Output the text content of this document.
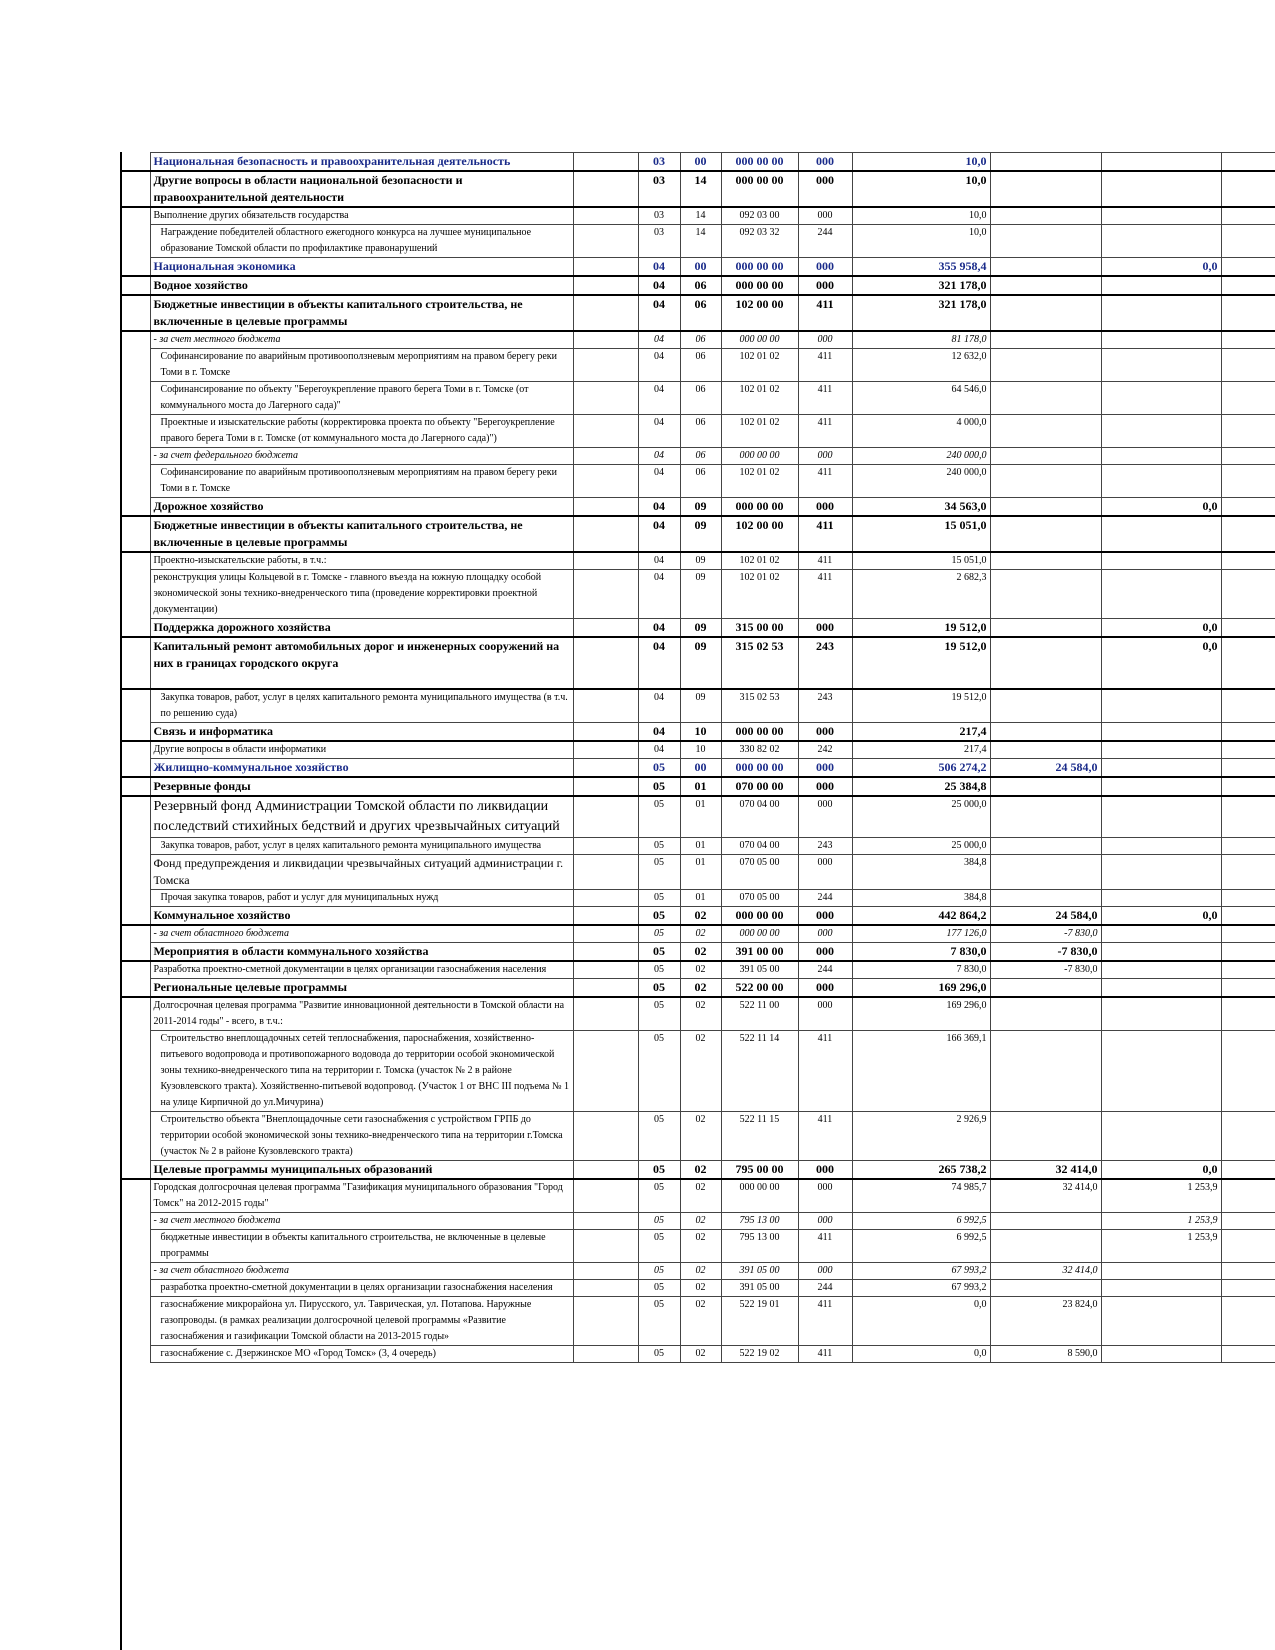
	Национальная безопасность и правоохранительная деятельность		03	00	000 00 00	000	10,0			
	Другие вопросы в области национальной безопасности и правоохранительной деятельности		03	14	000 00 00	000	10,0			
	Выполнение других обязательств государства		03	14	092 03 00	000	10,0			
	Награждение победителей областного ежегодного конкурса на лучшее муниципальное образование Томской области по профилактике правонарушений		03	14	092 03 32	244	10,0			
	Национальная экономика		04	00	000 00 00	000	355 958,4		0,0	
	Водное хозяйство		04	06	000 00 00	000	321 178,0			
	Бюджетные инвестиции в объекты капитального строительства, не включенные в целевые программы		04	06	102 00 00	411	321 178,0			
	- за счет местного бюджета		04	06	000 00 00	000	81 178,0			
	Софинансирование по аварийным противооползневым мероприятиям на правом берегу реки Томи в г. Томске		04	06	102 01 02	411	12 632,0			
	Софинансирование по объекту "Берегоукрепление правого берега Томи в г. Томске (от коммунального моста до Лагерного сада)"		04	06	102 01 02	411	64 546,0			
	Проектные и изыскательские работы (корректировка проекта по объекту "Берегоукрепление правого берега Томи в г. Томске (от коммунального моста до Лагерного сада)")		04	06	102 01 02	411	4 000,0			
	- за счет федерального бюджета		04	06	000 00 00	000	240 000,0			
	Софинансирование по аварийным противооползневым мероприятиям на правом берегу реки Томи в г. Томске		04	06	102 01 02	411	240 000,0			
	Дорожное хозяйство		04	09	000 00 00	000	34 563,0		0,0	
	Бюджетные инвестиции в объекты капитального строительства, не включенные в целевые программы		04	09	102 00 00	411	15 051,0			
	Проектно-изыскательские работы, в т.ч.:		04	09	102 01 02	411	15 051,0			
	реконструкция улицы Кольцевой в г. Томске - главного въезда на южную площадку особой экономической зоны технико-внедренческого типа (проведение корректировки проектной документации)		04	09	102 01 02	411	2 682,3			
	Поддержка дорожного хозяйства		04	09	315 00 00	000	19 512,0		0,0	
	Капитальный ремонт автомобильных дорог и инженерных сооружений на них в границах городского округа		04	09	315 02 53	243	19 512,0		0,0	
	Закупка товаров, работ, услуг в целях капитального ремонта муниципального имущества (в т.ч. по решению суда)		04	09	315 02 53	243	19 512,0			
	Связь и информатика		04	10	000 00 00	000	217,4			
	Другие вопросы в области информатики		04	10	330 82 02	242	217,4			
	Жилищно-коммунальное хозяйство		05	00	000 00 00	000	506 274,2	24 584,0		
	Резервные фонды		05	01	070 00 00	000	25 384,8			
	Резервный фонд Администрации Томской области по ликвидации последствий стихийных бедствий и других чрезвычайных ситуаций		05	01	070 04 00	000	25 000,0			
	Закупка товаров, работ, услуг в целях капитального ремонта муниципального имущества		05	01	070 04 00	243	25 000,0			
	Фонд предупреждения и ликвидации чрезвычайных ситуаций администрации г. Томска		05	01	070 05 00	000	384,8			
	Прочая закупка товаров, работ и услуг для муниципальных нужд		05	01	070 05 00	244	384,8			
	Коммунальное хозяйство		05	02	000 00 00	000	442 864,2	24 584,0	0,0	
	- за счет областного бюджета		05	02	000 00 00	000	177 126,0	-7 830,0		
	Мероприятия в области коммунального хозяйства		05	02	391 00 00	000	7 830,0	-7 830,0		
	Разработка проектно-сметной документации в целях организации газоснабжения населения		05	02	391 05 00	244	7 830,0	-7 830,0		
	Региональные целевые программы		05	02	522 00 00	000	169 296,0			
	Долгосрочная целевая программа "Развитие инновационной деятельности в Томской области на 2011-2014 годы" - всего, в т.ч.:		05	02	522 11 00	000	169 296,0			
	Строительство внеплощадочных сетей теплоснабжения, пароснабжения, хозяйственно-питьевого водопровода и противопожарного водовода до территории особой экономической зоны технико-внедренческого типа на территории г. Томска (участок № 2 в районе Кузовлевского тракта). Хозяйственно-питьевой водопровод. (Участок 1 от ВНС III подъема № 1 на улице Кирпичной до ул.Мичурина)		05	02	522 11 14	411	166 369,1			
	Строительство объекта "Внеплощадочные сети газоснабжения с устройством ГРПБ до территории особой экономической зоны технико-внедренческого типа на территории г.Томска (участок № 2 в районе Кузовлевского тракта)		05	02	522 11 15	411	2 926,9			
	Целевые программы муниципальных образований		05	02	795 00 00	000	265 738,2	32 414,0	0,0	
	Городская долгосрочная целевая программа "Газификация муниципального образования "Город Томск" на 2012-2015 годы"		05	02	000 00 00	000	74 985,7	32 414,0	1 253,9	
	- за счет местного бюджета		05	02	795 13 00	000	6 992,5		1 253,9	
	бюджетные инвестиции в объекты капитального строительства, не включенные в целевые программы		05	02	795 13 00	411	6 992,5		1 253,9	
	- за счет областного бюджета		05	02	391 05 00	000	67 993,2	32 414,0		
	разработка проектно-сметной документации в целях организации газоснабжения населения		05	02	391 05 00	244	67 993,2			
	газоснабжение микрорайона ул. Пирусского, ул. Таврическая, ул. Потапова. Наружные газопроводы. (в рамках реализации долгосрочной целевой программы «Развитие газоснабжения и газификации Томской области на 2013-2015 годы»		05	02	522 19 01	411	0,0	23 824,0		
	газоснабжение с. Дзержинское МО «Город Томск» (3, 4 очередь)		05	02	522 19 02	411	0,0	8 590,0		
